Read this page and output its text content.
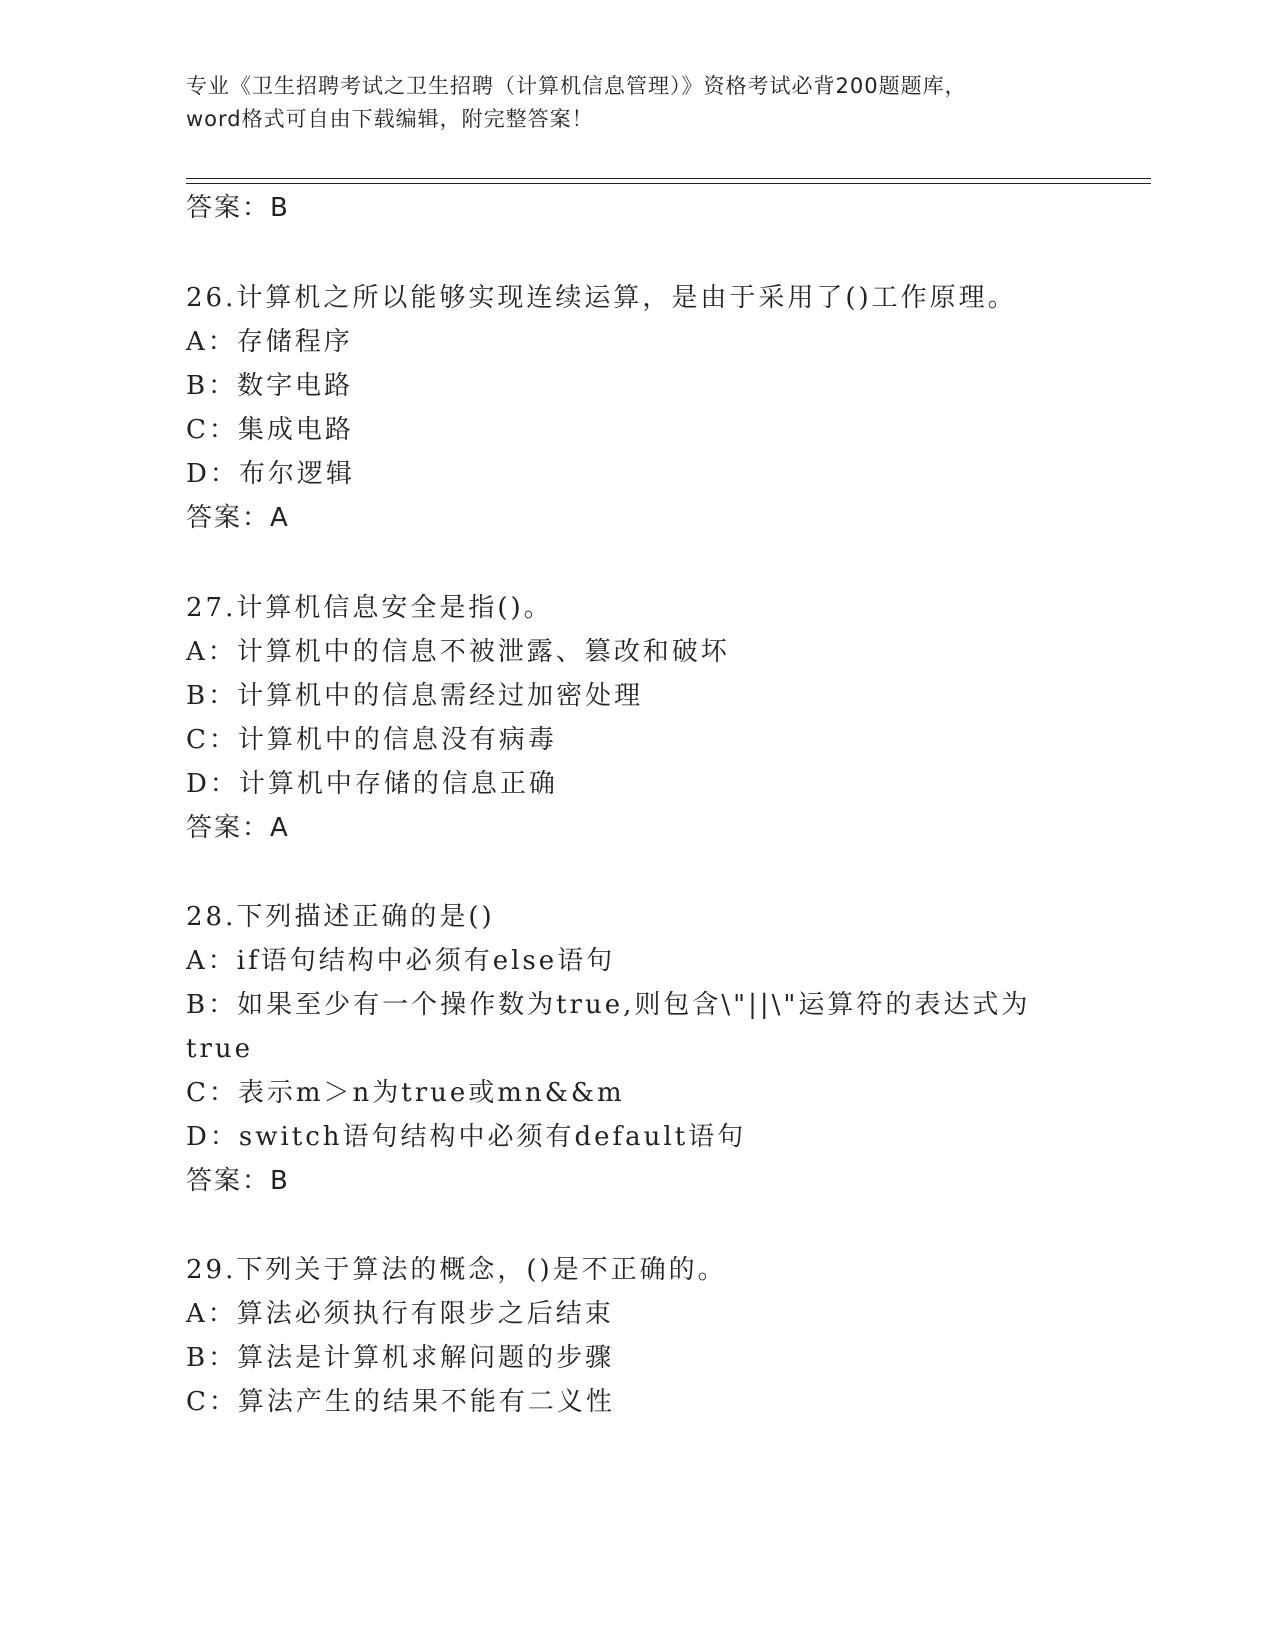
专业《卫生招聘考试之卫生招聘（计算机信息管理）》资格考试必背200题题库，
word格式可自由下载编辑，附完整答案！
答案：B
26.计算机之所以能够实现连续运算，是由于采用了()工作原理。
A：存储程序
B：数字电路
C：集成电路
D：布尔逻辑
答案：A
27.计算机信息安全是指()。
A：计算机中的信息不被泄露、篡改和破坏
B：计算机中的信息需经过加密处理
C：计算机中的信息没有病毒
D：计算机中存储的信息正确
答案：A
28.下列描述正确的是()
A：if语句结构中必须有else语句
B：如果至少有一个操作数为true,则包含\"||\"运算符的表达式为
true
C：表示m＞n为true或mn&&m
D：switch语句结构中必须有default语句
答案：B
29.下列关于算法的概念，()是不正确的。
A：算法必须执行有限步之后结束
B：算法是计算机求解问题的步骤
C：算法产生的结果不能有二义性
